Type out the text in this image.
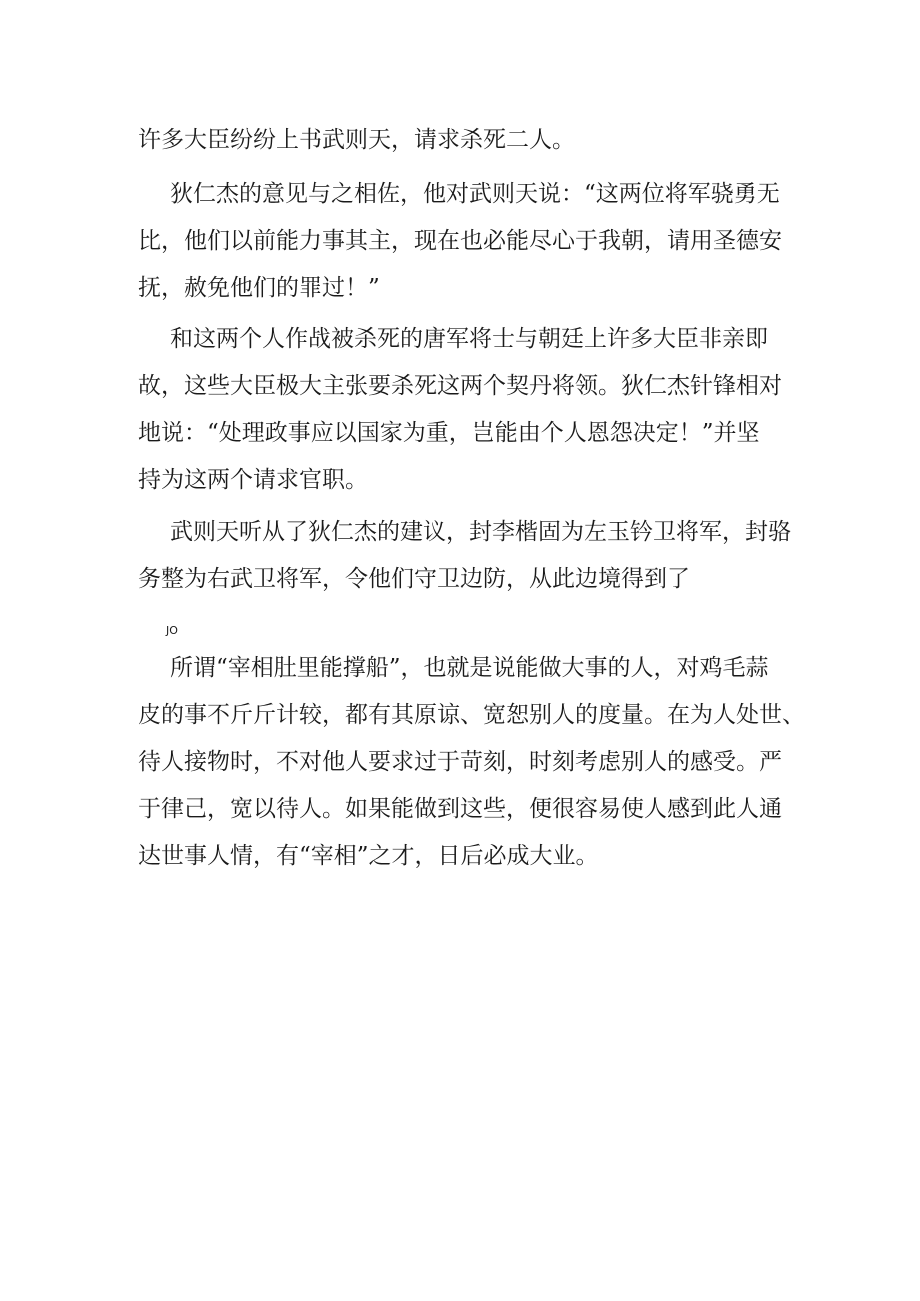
许多大臣纷纷上书武则天，请求杀死二人。
狄仁杰的意见与之相佐，他对武则天说：“这两位将军骁勇无
比，他们以前能力事其主，现在也必能尽心于我朝，请用圣德安
抚，赦免他们的罪过！”
和这两个人作战被杀死的唐军将士与朝廷上许多大臣非亲即
故，这些大臣极大主张要杀死这两个契丹将领。狄仁杰针锋相对
地说：“处理政事应以国家为重，岂能由个人恩怨决定！”并坚
持为这两个请求官职。
武则天听从了狄仁杰的建议，封李楷固为左玉钤卫将军，封骆
务整为右武卫将军，令他们守卫边防，从此边境得到了
JO
所谓“宰相肚里能撑船”，也就是说能做大事的人，对鸡毛蒜
皮的事不斤斤计较，都有其原谅、宽恕别人的度量。在为人处世、
待人接物时，不对他人要求过于苛刻，时刻考虑别人的感受。严
于律己，宽以待人。如果能做到这些，便很容易使人感到此人通
达世事人情，有“宰相”之才，日后必成大业。
